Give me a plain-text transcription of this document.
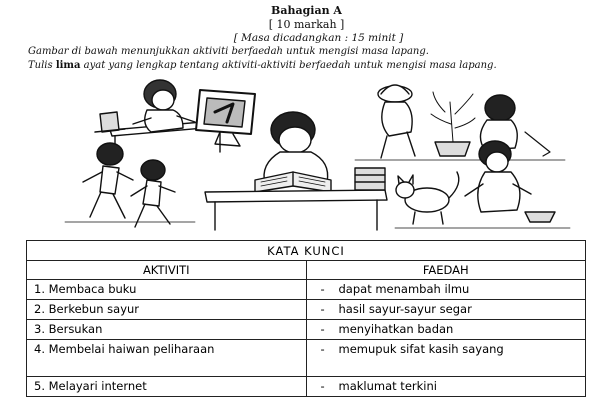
Bahagian A
[ 10 markah ]
[ Masa dicadangkan : 15 minit ]
Gambar di bawah menunjukkan aktiviti berfaedah untuk mengisi masa lapang.
Tulis lima ayat yang lengkap tentang aktiviti-aktiviti berfaedah untuk mengisi masa lapang.
KATA KUNCI	
AKTIVITI	FAEDAH
1. Membaca buku	- dapat menambah ilmu
2. Berkebun sayur	- hasil sayur-sayur segar
3. Bersukan	- menyihatkan badan
4. Membelai haiwan peliharaan	- memupuk sifat kasih sayang
5. Melayari internet	- maklumat terkini
